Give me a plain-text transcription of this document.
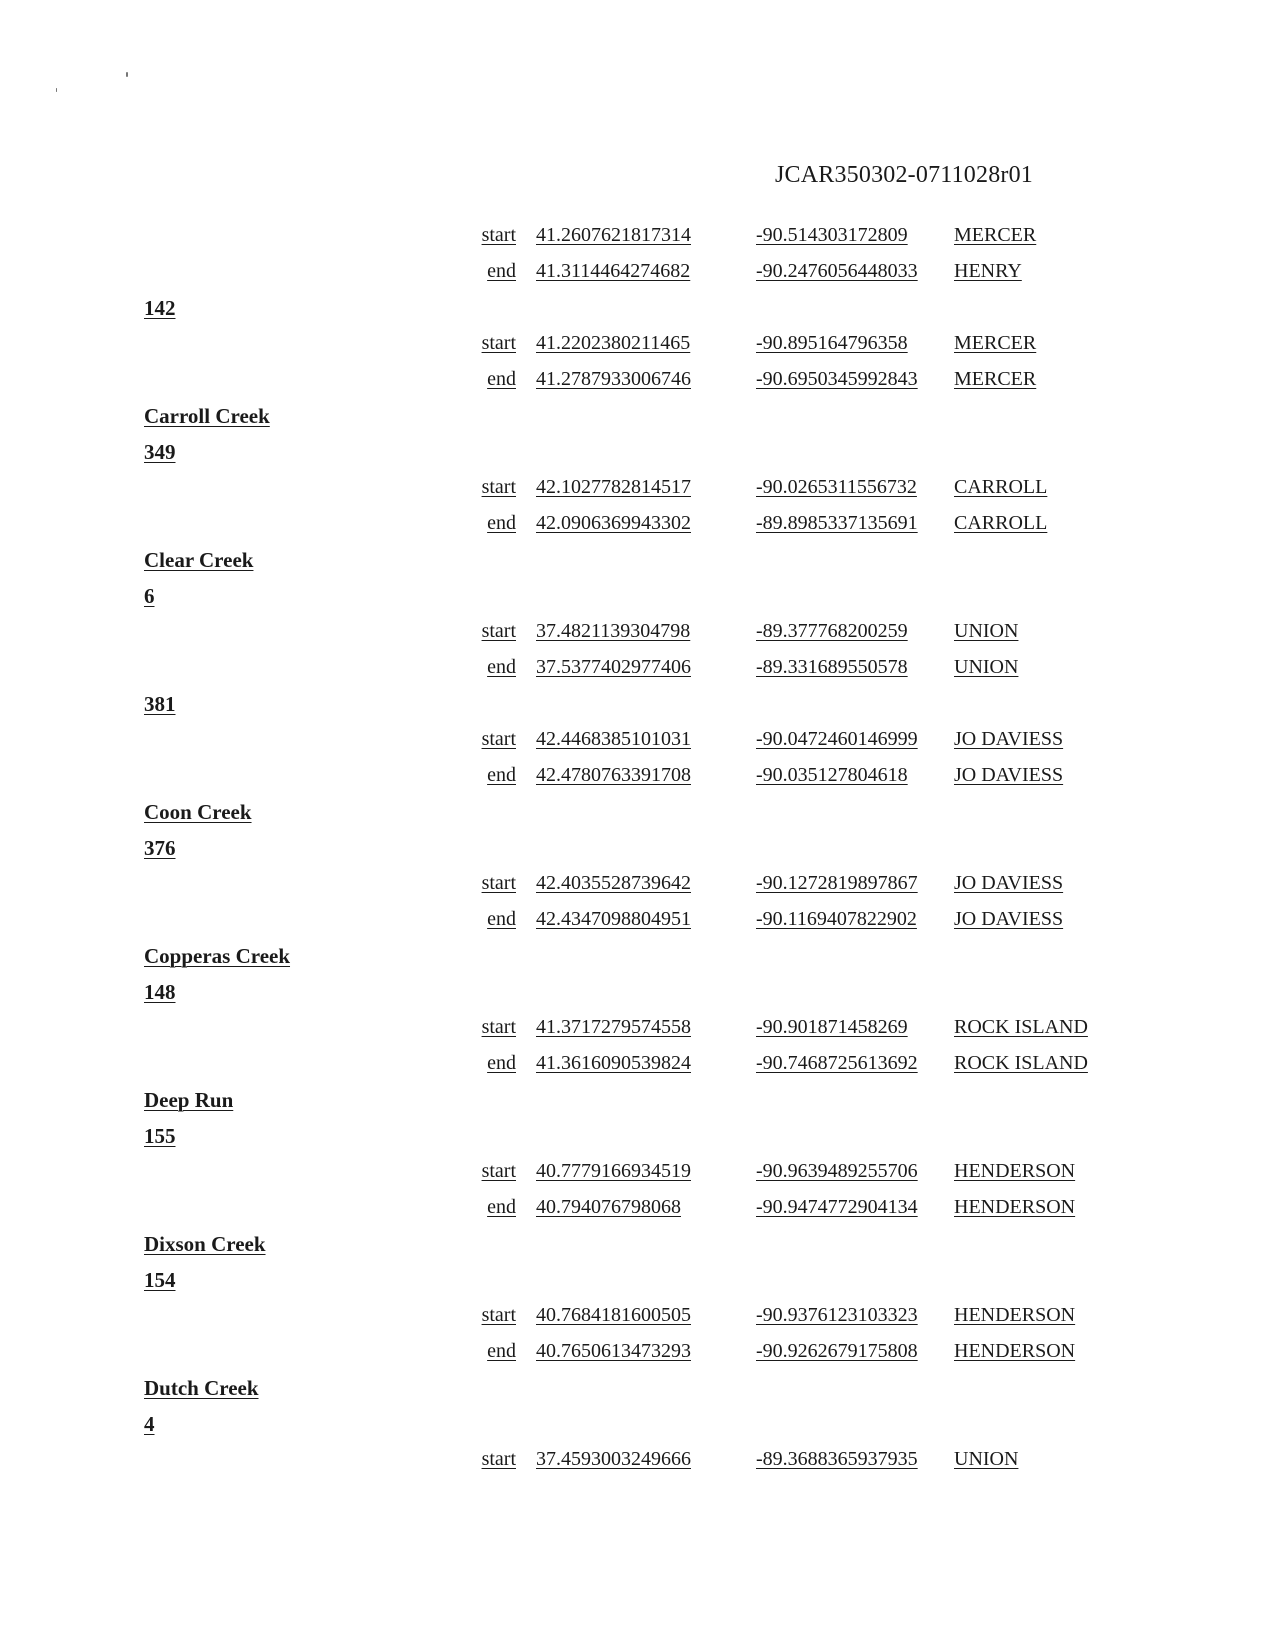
JCAR350302-0711028r01
start 41.2607621817314	-90.514303172809 MERCER
end 41.3114464274682	-90.2476056448033 HENRY
142
start 41.2202380211465	-90.895164796358 MERCER
end 41.2787933006746	-90.6950345992843 MERCER
Carroll Creek
349
start 42.1027782814517	-90.0265311556732 CARROLL
end 42.0906369943302	-89.8985337135691 CARROLL
Clear Creek
6
start 37.4821139304798	-89.377768200259 UNION
end 37.5377402977406	-89.331689550578 UNION
381
start 42.4468385101031	-90.0472460146999 JO DAVIESS
end 42.4780763391708	-90.035127804618 JO DAVIESS
Coon Creek
376
start 42.4035528739642	-90.1272819897867 JO DAVIESS
end 42.4347098804951	-90.1169407822902 JO DAVIESS
Copperas Creek
148
start 41.3717279574558	-90.901871458269 ROCK ISLAND
end 41.3616090539824	-90.7468725613692 ROCK ISLAND
Deep Run
155
start 40.7779166934519	-90.9639489255706 HENDERSON
end 40.794076798068	-90.9474772904134 HENDERSON
Dixson Creek
154
start 40.7684181600505	-90.9376123103323 HENDERSON
end 40.7650613473293	-90.9262679175808 HENDERSON
Dutch Creek
4
start 37.4593003249666	-89.3688365937935 UNION
